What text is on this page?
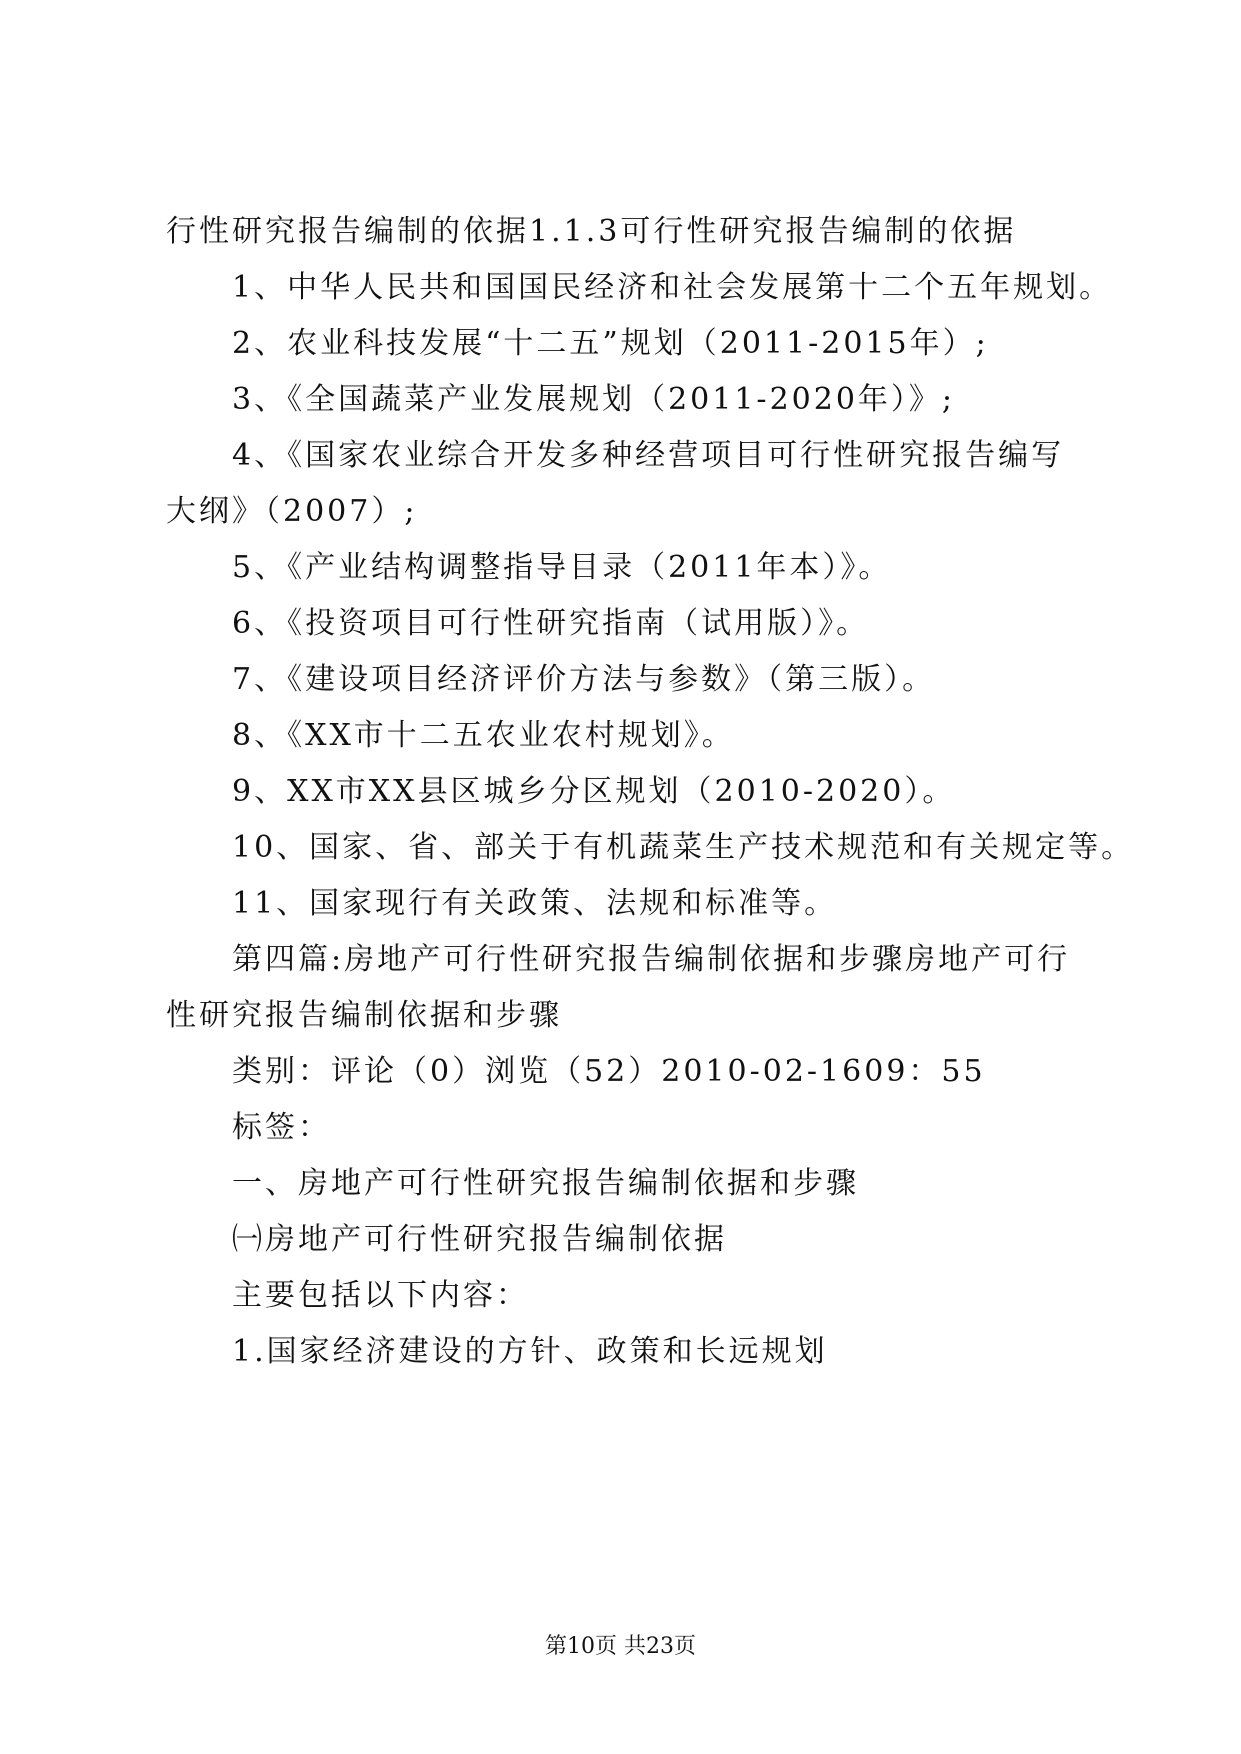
行性研究报告编制的依据1.1.3可行性研究报告编制的依据
1、中华人民共和国国民经济和社会发展第十二个五年规划。
2、农业科技发展“十二五”规划（2011-2015年）;
3、《全国蔬菜产业发展规划（2011-2020年）》;
4、《国家农业综合开发多种经营项目可行性研究报告编写
大纲》（2007）;
5、《产业结构调整指导目录（2011年本）》。
6、《投资项目可行性研究指南（试用版）》。
7、《建设项目经济评价方法与参数》（第三版）。
8、《XX市十二五农业农村规划》。
9、XX市XX县区城乡分区规划（2010-2020）。
10、国家、省、部关于有机蔬菜生产技术规范和有关规定等。
11、国家现行有关政策、法规和标准等。
第四篇:房地产可行性研究报告编制依据和步骤房地产可行
性研究报告编制依据和步骤
类别：评论（0）浏览（52）2010-02-1609：55
标签：
一、房地产可行性研究报告编制依据和步骤
㈠房地产可行性研究报告编制依据
主要包括以下内容：
1.国家经济建设的方针、政策和长远规划
第10页 共23页
